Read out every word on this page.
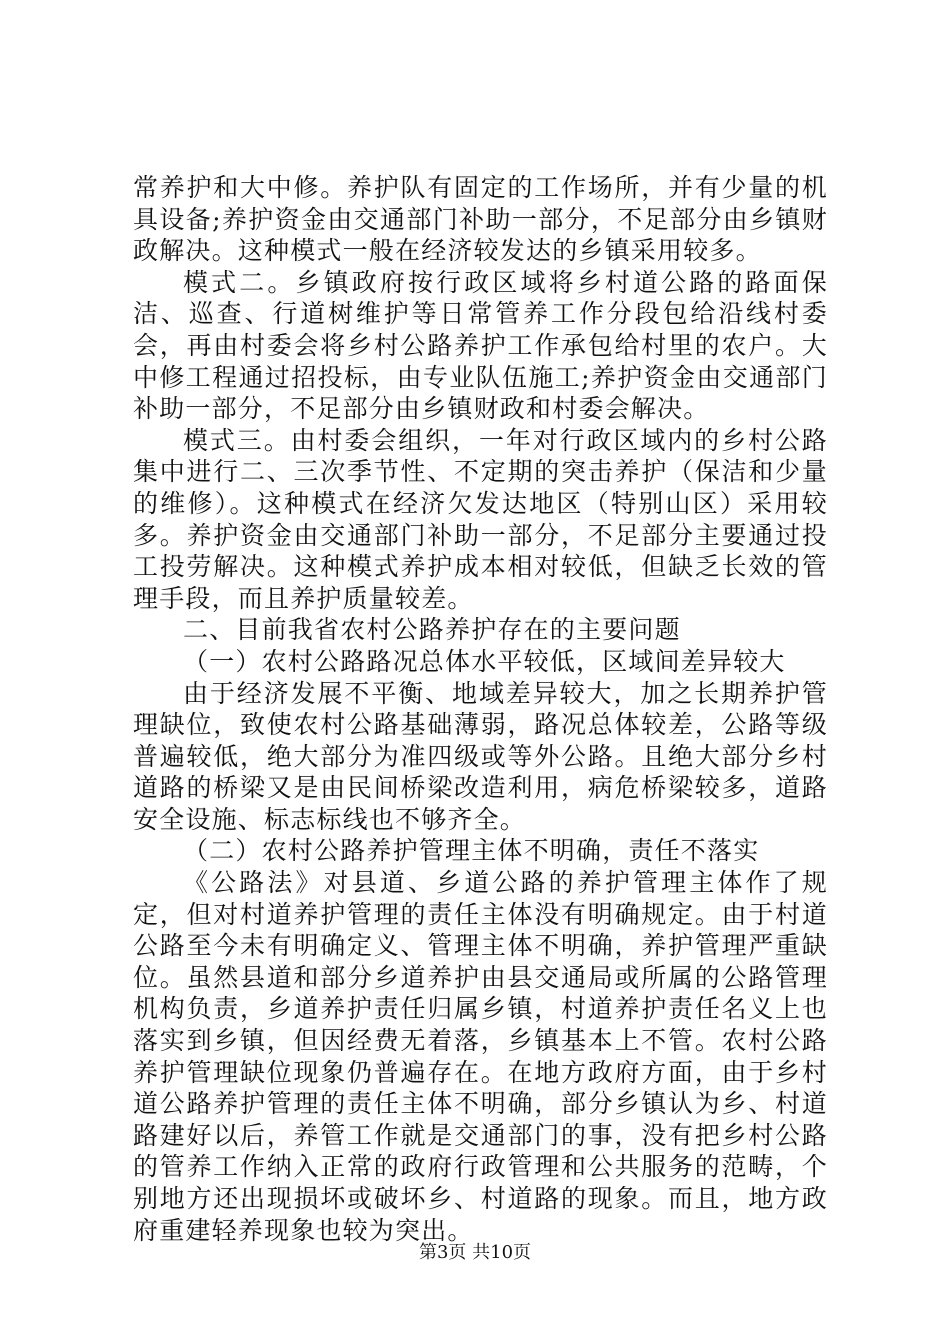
常养护和大中修。养护队有固定的工作场所，并有少量的机具设备;养护资金由交通部门补助一部分，不足部分由乡镇财政解决。这种模式一般在经济较发达的乡镇采用较多。

模式二。乡镇政府按行政区域将乡村道公路的路面保洁、巡查、行道树维护等日常管养工作分段包给沿线村委会，再由村委会将乡村公路养护工作承包给村里的农户。大中修工程通过招投标，由专业队伍施工;养护资金由交通部门补助一部分，不足部分由乡镇财政和村委会解决。

模式三。由村委会组织，一年对行政区域内的乡村公路集中进行二、三次季节性、不定期的突击养护（保洁和少量的维修）。这种模式在经济欠发达地区（特别山区）采用较多。养护资金由交通部门补助一部分，不足部分主要通过投工投劳解决。这种模式养护成本相对较低，但缺乏长效的管理手段，而且养护质量较差。

二、目前我省农村公路养护存在的主要问题

（一）农村公路路况总体水平较低，区域间差异较大

由于经济发展不平衡、地域差异较大，加之长期养护管理缺位，致使农村公路基础薄弱，路况总体较差，公路等级普遍较低，绝大部分为准四级或等外公路。且绝大部分乡村道路的桥梁又是由民间桥梁改造利用，病危桥梁较多，道路安全设施、标志标线也不够齐全。

（二）农村公路养护管理主体不明确，责任不落实

《公路法》对县道、乡道公路的养护管理主体作了规定，但对村道养护管理的责任主体没有明确规定。由于村道公路至今未有明确定义、管理主体不明确，养护管理严重缺位。虽然县道和部分乡道养护由县交通局或所属的公路管理机构负责，乡道养护责任归属乡镇，村道养护责任名义上也落实到乡镇，但因经费无着落，乡镇基本上不管。农村公路养护管理缺位现象仍普遍存在。在地方政府方面，由于乡村道公路养护管理的责任主体不明确，部分乡镇认为乡、村道路建好以后，养管工作就是交通部门的事，没有把乡村公路的管养工作纳入正常的政府行政管理和公共服务的范畴，个别地方还出现损坏或破坏乡、村道路的现象。而且，地方政府重建轻养现象也较为突出。

第3页 共10页
